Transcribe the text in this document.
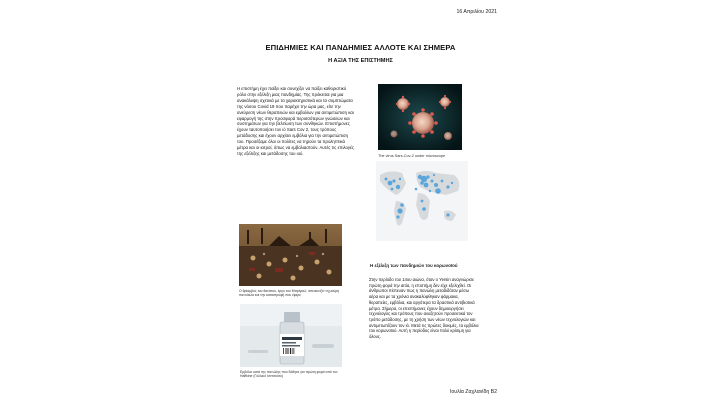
16 Απριλίου 2021
ΕΠΙΔΗΜΙΕΣ ΚΑΙ ΠΑΝΔΗΜΙΕΣ ΑΛΛΟΤΕ ΚΑΙ ΣΗΜΕΡΑ
Η ΑΞΙΑ ΤΗΣ ΕΠΙΣΤΗΜΗΣ
Η επιστήμη έχει παίξει και συνεχίζει να παίζει καθοριστικό ρόλο στην εξέλιξη μιας πανδημίας. Της πρόκειται για μια ανακάλυψη σχετικά με τα χαρακτηριστικά και τα συμπτώματα της νόσου Covid 19 που παρέχει την ώρα μας, είτε την ανεύρεση νέων θεραπειών και εμβολίων για αντιμετώπιση και εφαρμογή της στην προσφορά περισσότερων γνώσεων και συστημάτων για την βελτίωση των συνθηκών. Επιστήμονες έχουν ταυτοποιήσει τον ιό Sars Cov 2, τους τρόπους μετάδοσης και έχουν αρχίσει εμβόλια για την αντιμετώπιση του. Προσέξαμε όλοι οι πολίτες να τηρούν τα προληπτικά μέτρα και οι ιατροί, όπως να εμβολιαστούν. Αυτές τις επιλογές της εξέλιξης και μετάδοσης του ιού.
The virus Sars-Cov-2 under microscope
Ο θρίαμβος του θανάτου, έργο του Μπρίγκελ, απεικονίζει τη μαύρη πανούκλα και την καταστροφή που έφερε
Εμβόλιο κατά της πανώλης που δόθηκε για πρώτη φορά από τον Haffkine (Γαλλικό Ινστιτούτο)
Η εξέλιξη των πανδημιών του κορωνοϊού
Στην περίοδο του 14ου αιώνα, όταν ο Yersin αναγνώρισε πρώτη φορά την αιτία, η επιστήμη δεν είχε εξελιχθεί. Οι άνθρωποι πίστευαν πως η πανώλη μεταδιδόταν μέσω αέρα και με τα χρόνια ανακαλύφθηκαν φάρμακα, θεραπείες, εμβόλια, και αργότερα τα δραστικά αντιβιοτικά μέτρα. Σήμερα, οι επιστήμονες έχουν δημιουργήσει τεχνολογίες και τρόπους που αναζητούν προσεκτικά τον τρόπο μετάδοσης, με τη χρήση των νέων τεχνολογιών και αντιμετωπίζουν τον ιό. Μετά τις πρώτες δοκιμές, τα εμβόλια του κορωνοϊού. Αυτή η περίοδος είναι πολύ κρίσιμη για όλους.
Ιουλία Ζαχλανίδη Β2
